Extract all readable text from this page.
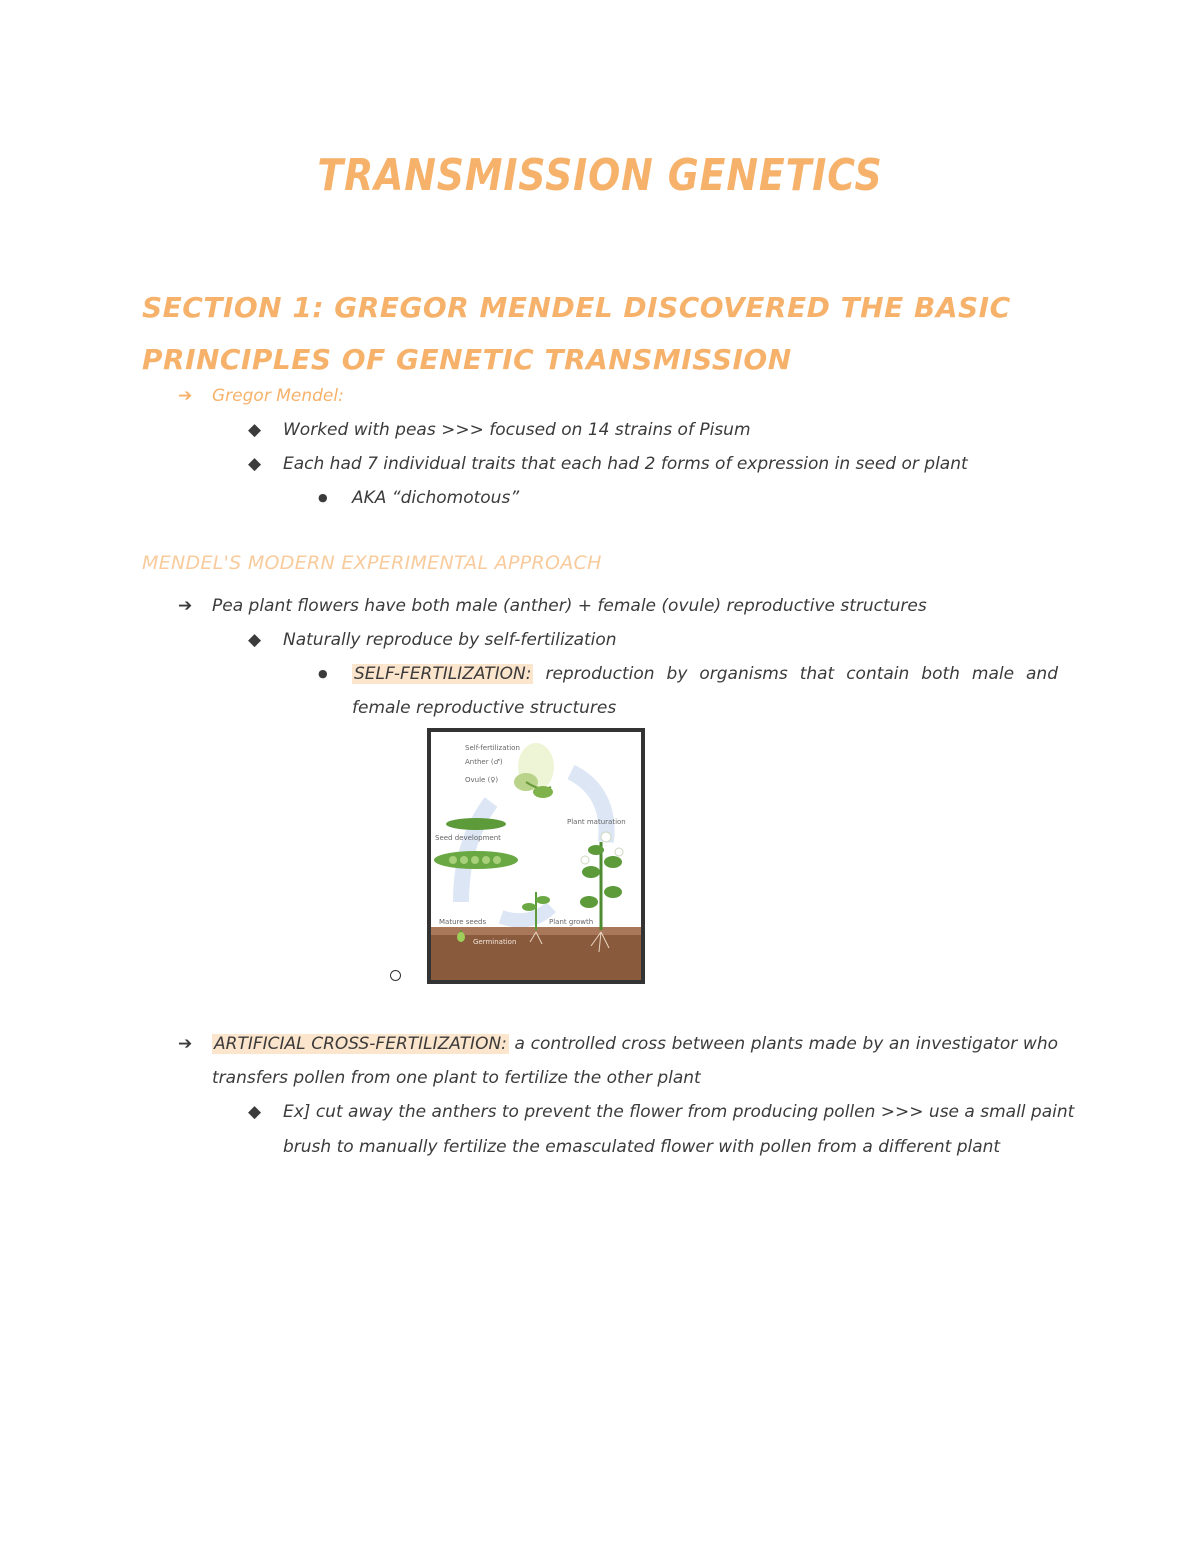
TRANSMISSION GENETICS
SECTION 1: GREGOR MENDEL DISCOVERED THE BASIC PRINCIPLES OF GENETIC TRANSMISSION
➔ Gregor Mendel:
◆ Worked with peas >>> focused on 14 strains of Pisum
◆ Each had 7 individual traits that each had 2 forms of expression in seed or plant
● AKA “dichomotous”
MENDEL'S MODERN EXPERIMENTAL APPROACH
➔ Pea plant flowers have both male (anther) + female (ovule) reproductive structures
◆ Naturally reproduce by self-fertilization
● SELF-FERTILIZATION: reproduction by organisms that contain both male and
female reproductive structures
Self-fertilization
Anther (♂)
Ovule (♀)
Seed development
Plant maturation
Mature seeds	Plant growth
Germination
➔ ARTIFICIAL CROSS-FERTILIZATION: a controlled cross between plants made by an investigator who
transfers pollen from one plant to fertilize the other plant
◆ Ex] cut away the anthers to prevent the flower from producing pollen >>> use a small paint
brush to manually fertilize the emasculated flower with pollen from a different plant
